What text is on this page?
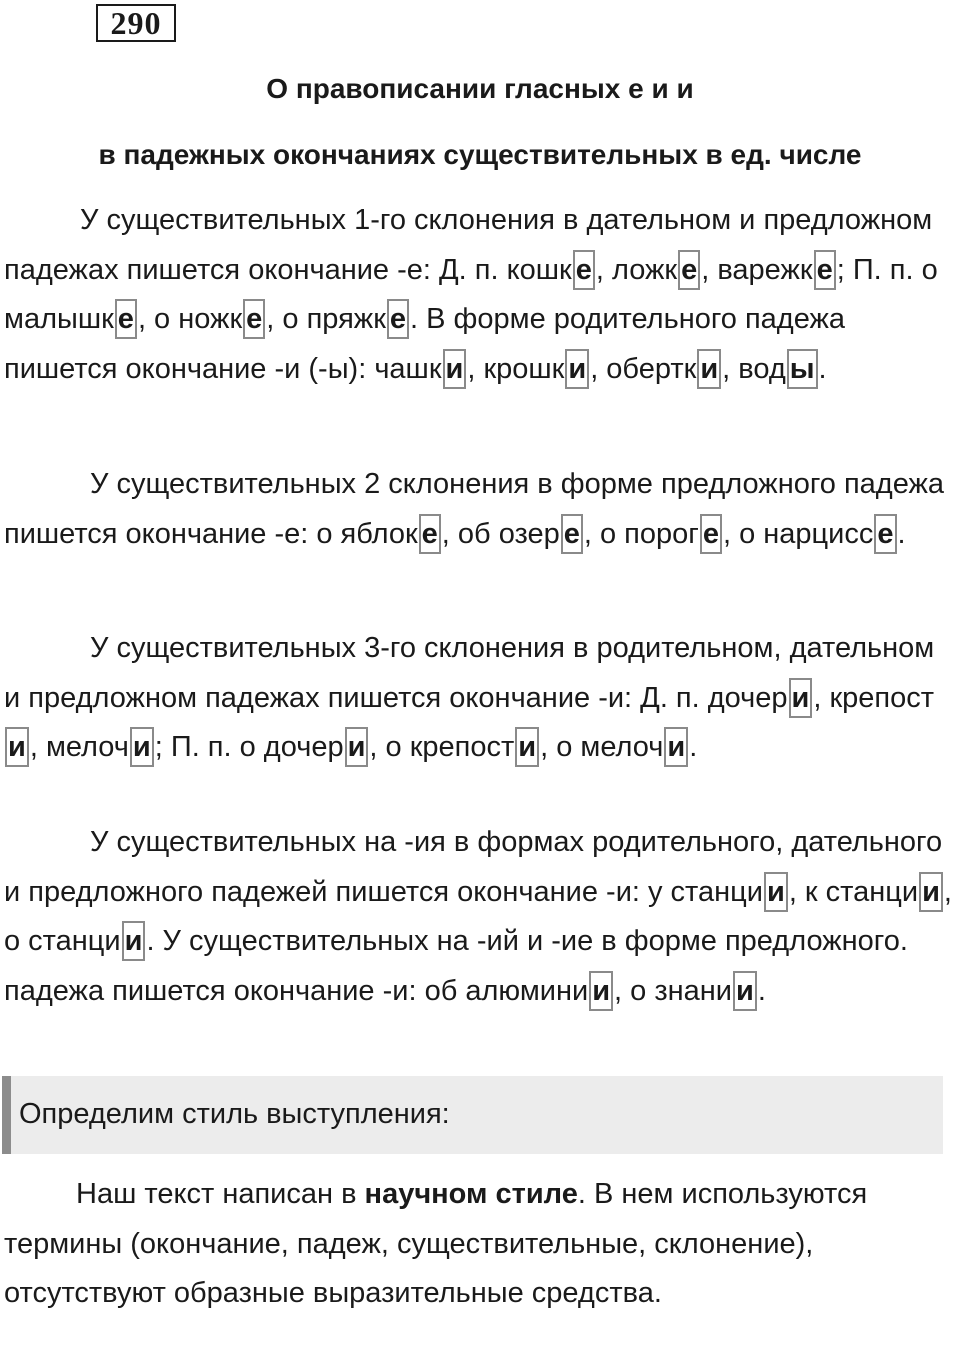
290
О правописании гласных е и и
в падежных окончаниях существительных в ед. числе

У существительных 1-го склонения в дательном и предложном падежах пишется окончание -е: Д. п. кошк е , ложк е , варежк е ; П. п. о малышк е , о ножк е , о пряжк е . В форме родительного падежа пишется окончание -и (-ы): чашк и , крошк и , обертк и , вод ы .

У существительных 2 склонения в форме предложного падежа пишется окончание -е: о яблок е , об озер е , о порог е , о нарцисс е .

У существительных 3-го склонения в родительном, дательном и предложном падежах пишется окончание -и: Д. п. дочер и , крепости , мелоч и ; П. п. о дочер и , о крепост и , о мелоч и .

У существительных на -ия в формах родительного, дательного и предложного падежей пишется окончание -и: у станци и , к станци и , о станци и . У существительных на -ий и -ие в форме предложного. падежа пишется окончание -и: об алюмини и , о знани и .

Определим стиль выступления:

Наш текст написан в научном стиле. В нем используются термины (окончание, падеж, существительные, склонение), отсутствуют образные выразительные средства.
